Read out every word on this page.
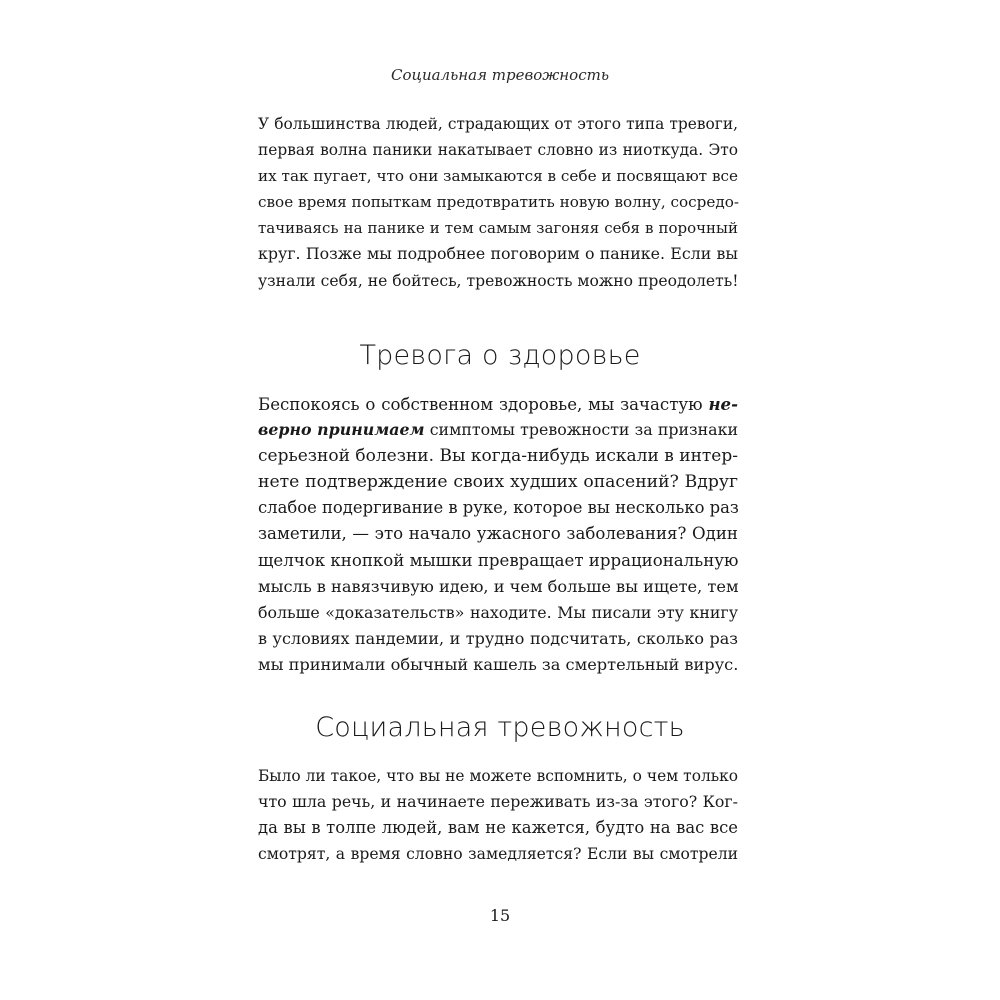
Социальная тревожность
У большинства людей, страдающих от этого типа тревоги,
первая волна паники накатывает словно из ниоткуда. Это
их так пугает, что они замыкаются в себе и посвящают все
свое время попыткам предотвратить новую волну, сосредо-
тачиваясь на панике и тем самым загоняя себя в порочный
круг. Позже мы подробнее поговорим о панике. Если вы
узнали себя, не бойтесь, тревожность можно преодолеть!
Тревога о здоровье
Беспокоясь о собственном здоровье, мы зачастую не-
верно принимаем симптомы тревожности за признаки
серьезной болезни. Вы когда-нибудь искали в интер-
нете подтверждение своих худших опасений? Вдруг
слабое подергивание в руке, которое вы несколько раз
заметили, — это начало ужасного заболевания? Один
щелчок кнопкой мышки превращает иррациональную
мысль в навязчивую идею, и чем больше вы ищете, тем
больше «доказательств» находите. Мы писали эту книгу
в условиях пандемии, и трудно подсчитать, сколько раз
мы принимали обычный кашель за смертельный вирус.
Социальная тревожность
Было ли такое, что вы не можете вспомнить, о чем только
что шла речь, и начинаете переживать из-за этого? Ког-
да вы в толпе людей, вам не кажется, будто на вас все
смотрят, а время словно замедляется? Если вы смотрели
15
